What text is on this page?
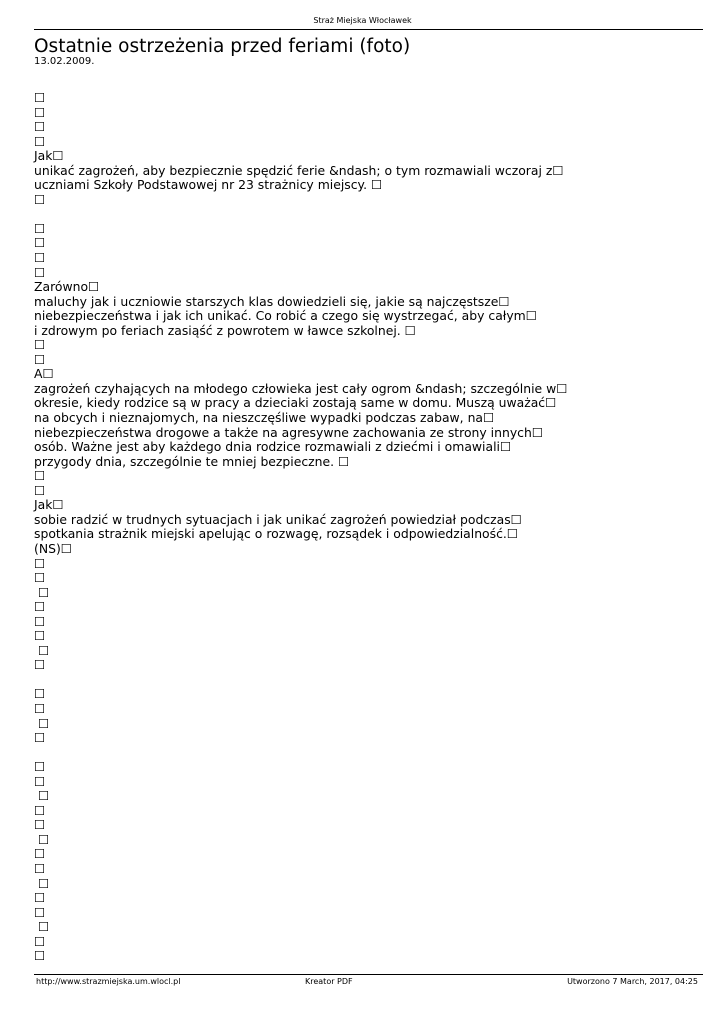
Straż Miejska Włocławek
Ostatnie ostrzeżenia przed feriami (foto)
13.02.2009.
☐
☐
☐
☐
Jak☐
unikać zagrożeń, aby bezpiecznie spędzić ferie &ndash; o tym rozmawiali wczoraj z☐
uczniami Szkoły Podstawowej nr 23 strażnicy miejscy. ☐
☐
☐
☐
☐
☐
Zarówno☐
maluchy jak i uczniowie starszych klas dowiedzieli się, jakie są najczęstsze☐
niebezpieczeństwa i jak ich unikać. Co robić a czego się wystrzegać, aby całym☐
i zdrowym po feriach zasiąść z powrotem w ławce szkolnej. ☐
☐
☐
A☐
zagrożeń czyhających na młodego człowieka jest cały ogrom &ndash; szczególnie w☐
okresie, kiedy rodzice są w pracy a dzieciaki zostają same w domu. Muszą uważać☐
na obcych i nieznajomych, na nieszczęśliwe wypadki podczas zabaw, na☐
niebezpieczeństwa drogowe a także na agresywne zachowania ze strony innych☐
osób. Ważne jest aby każdego dnia rodzice rozmawiali z dziećmi i omawiali☐
przygody dnia, szczególnie te mniej bezpieczne. ☐
☐
☐
Jak☐
sobie radzić w trudnych sytuacjach i jak unikać zagrożeń powiedział podczas☐
spotkania strażnik miejski apelując o rozwagę, rozsądek i odpowiedzialność.☐
(NS)☐
☐
☐
☐
☐
☐
☐
☐
☐
☐
☐
☐
☐
☐
☐
☐
☐
☐
☐
☐
☐
☐
☐
☐
☐
☐
☐
http://www.strazmiejska.um.wlocl.pl	Kreator PDF	Utworzono 7 March, 2017, 04:25
